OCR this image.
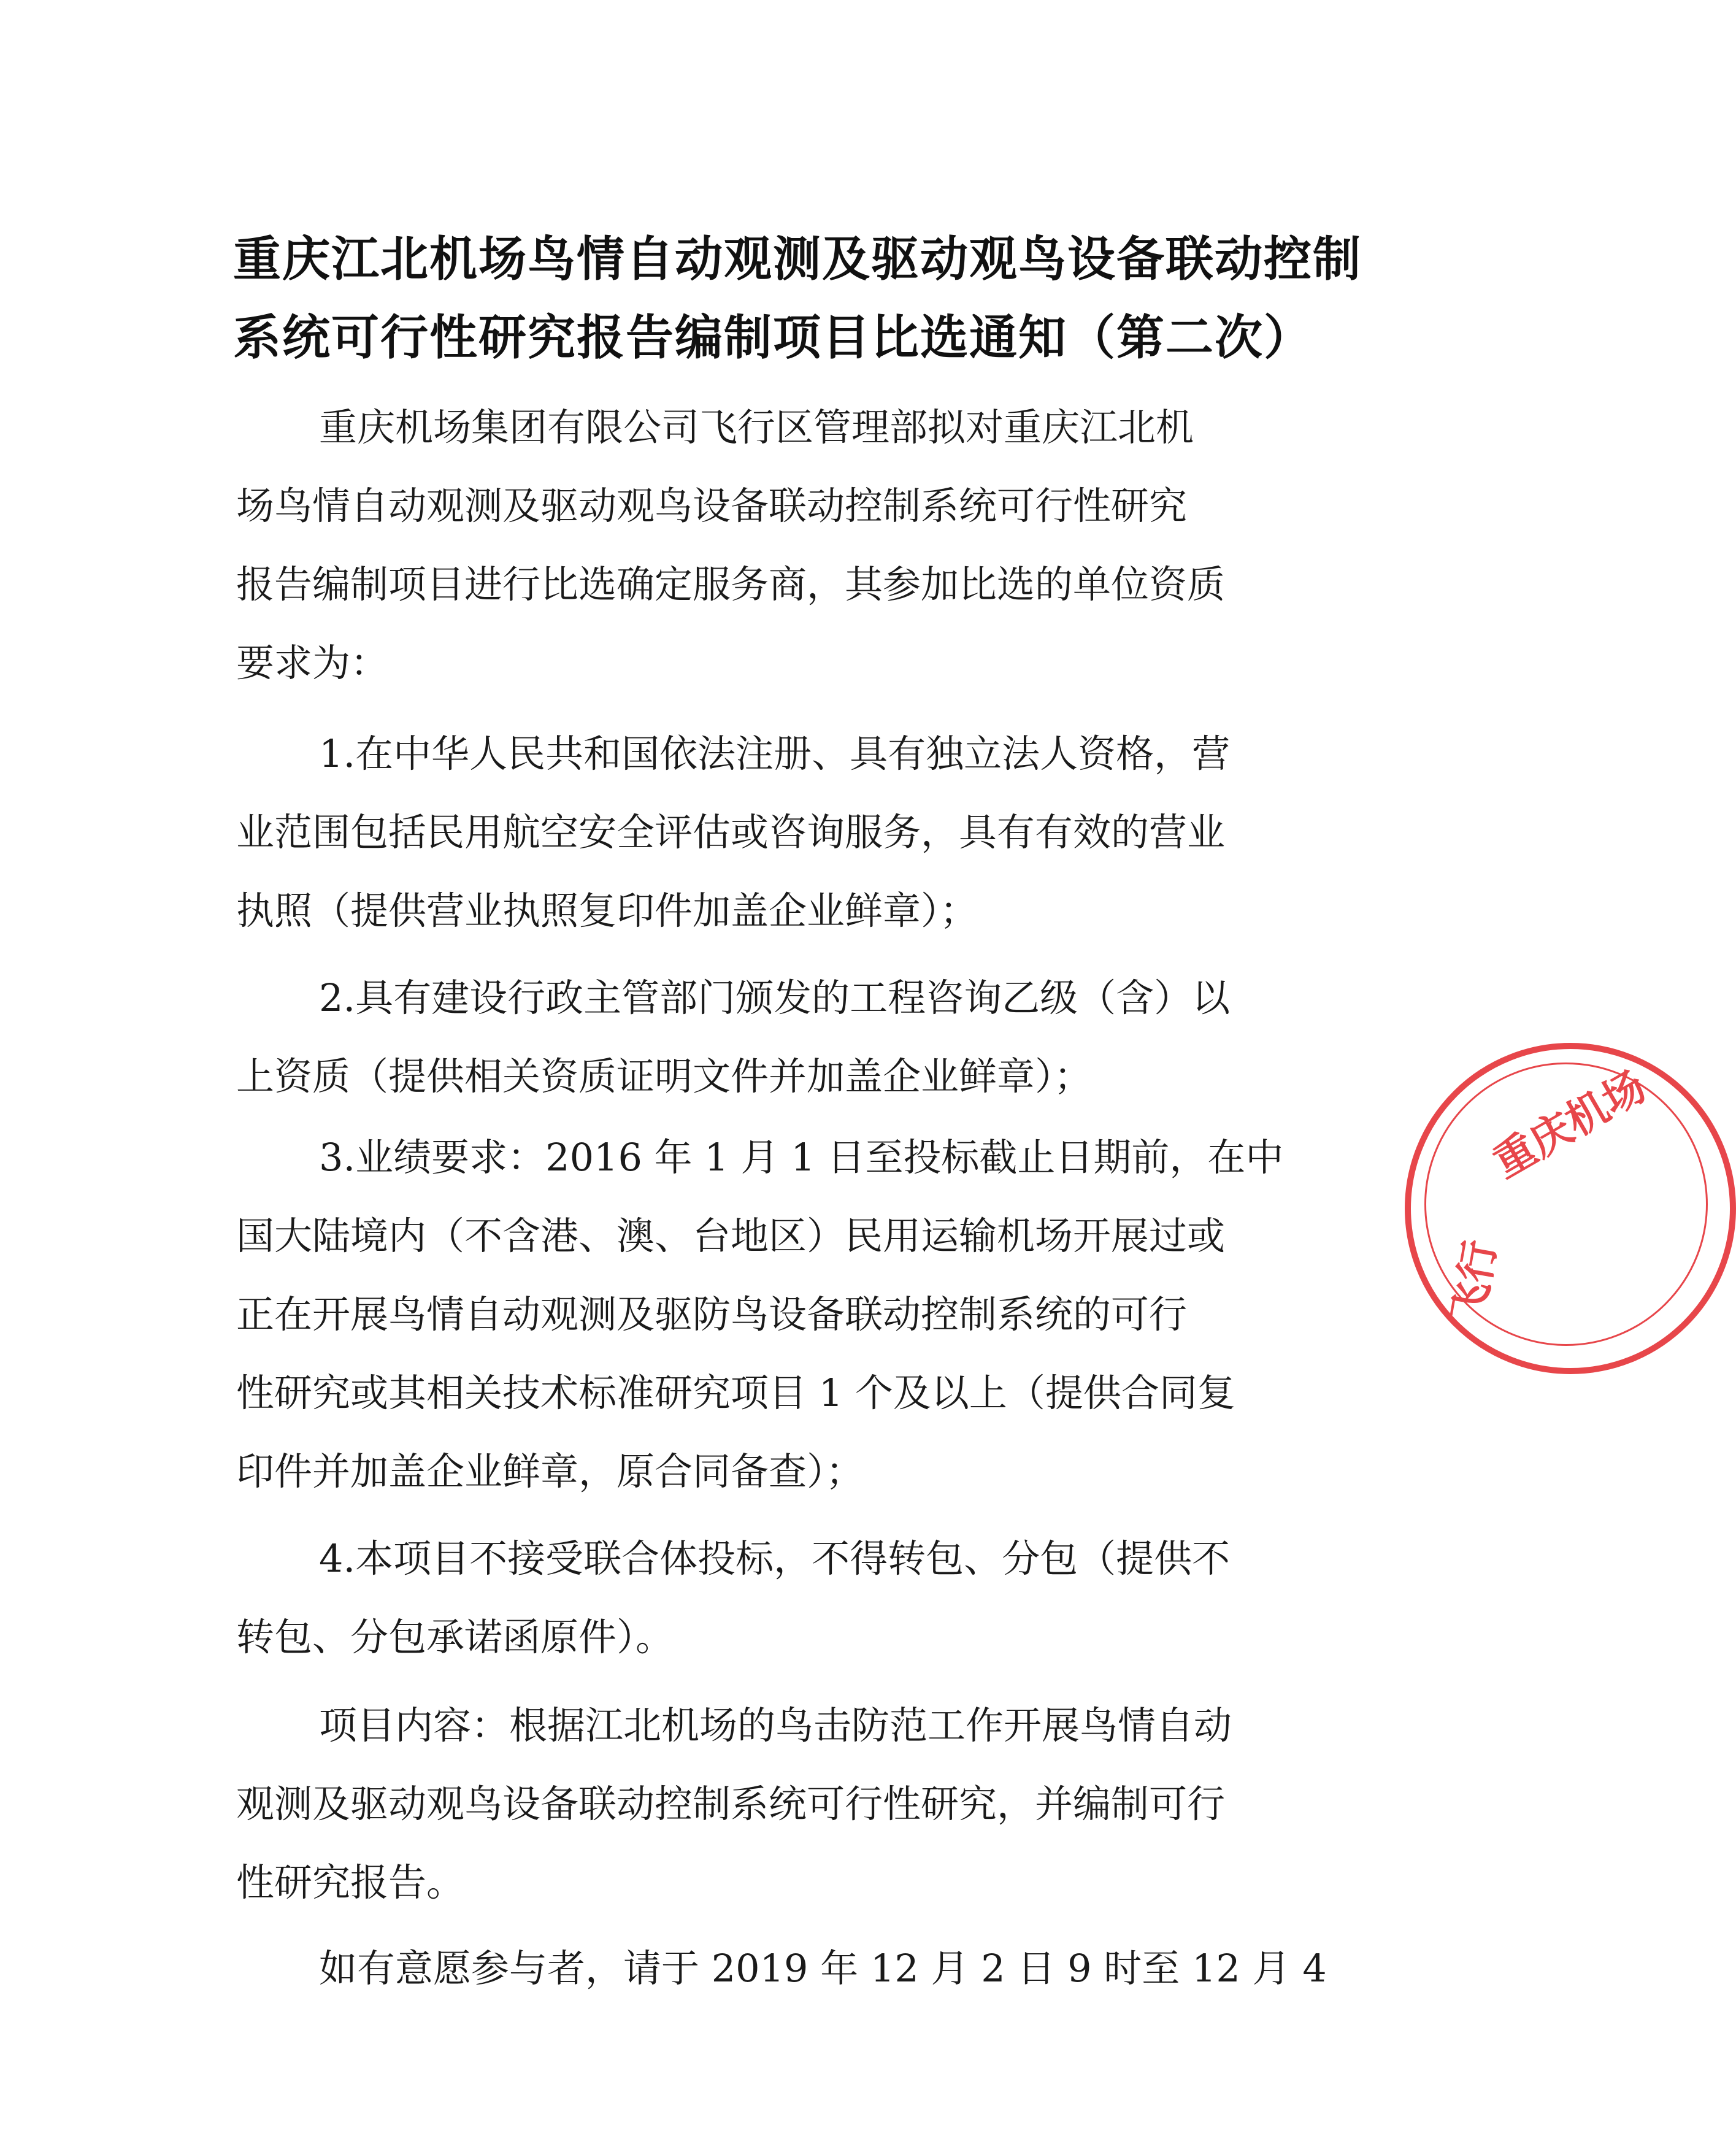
重庆江北机场鸟情自动观测及驱动观鸟设备联动控制
系统可行性研究报告编制项目比选通知（第二次）

重庆机场集团有限公司飞行区管理部拟对重庆江北机

场鸟情自动观测及驱动观鸟设备联动控制系统可行性研究

报告编制项目进行比选确定服务商，其参加比选的单位资质

要求为：

1.在中华人民共和国依法注册、具有独立法人资格，营

业范围包括民用航空安全评估或咨询服务，具有有效的营业

执照（提供营业执照复印件加盖企业鲜章）；

2.具有建设行政主管部门颁发的工程咨询乙级（含）以

上资质（提供相关资质证明文件并加盖企业鲜章）；

3.业绩要求：2016 年 1 月 1 日至投标截止日期前，在中

国大陆境内（不含港、澳、台地区）民用运输机场开展过或

正在开展鸟情自动观测及驱防鸟设备联动控制系统的可行

性研究或其相关技术标准研究项目 1 个及以上（提供合同复

印件并加盖企业鲜章，原合同备查）；

4.本项目不接受联合体投标，不得转包、分包（提供不

转包、分包承诺函原件）。

项目内容：根据江北机场的鸟击防范工作开展鸟情自动

观测及驱动观鸟设备联动控制系统可行性研究，并编制可行

性研究报告。

如有意愿参与者，请于 2019 年 12 月 2 日 9 时至 12 月 4

重庆机场
飞行
